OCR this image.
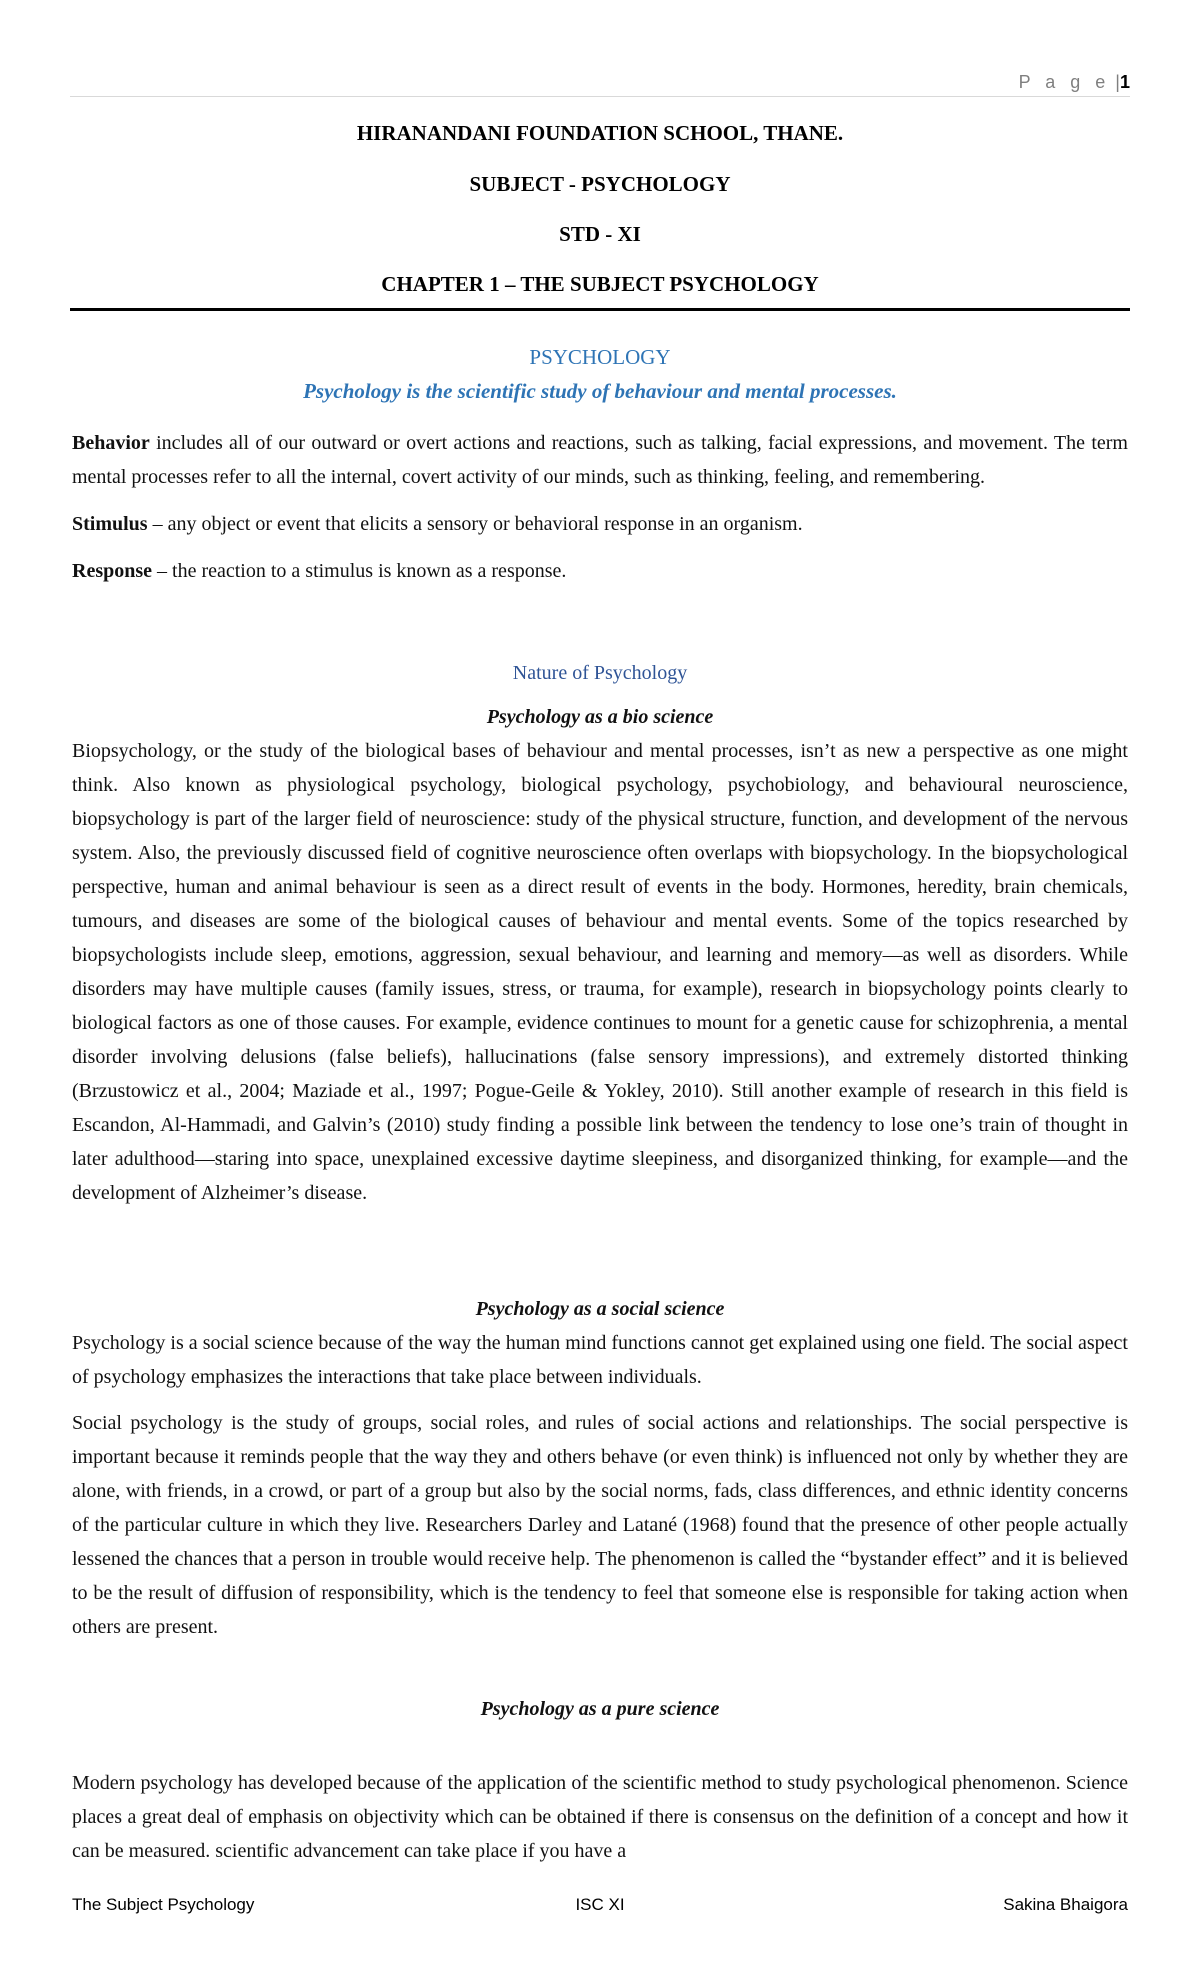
P a g e |1
HIRANANDANI FOUNDATION SCHOOL, THANE.
SUBJECT - PSYCHOLOGY
STD - XI
CHAPTER 1 – THE SUBJECT PSYCHOLOGY

PSYCHOLOGY

Psychology is the scientific study of behaviour and mental processes.

Behavior includes all of our outward or overt actions and reactions, such as talking, facial expressions, and movement. The term mental processes refer to all the internal, covert activity of our minds, such as thinking, feeling, and remembering.

Stimulus – any object or event that elicits a sensory or behavioral response in an organism.

Response – the reaction to a stimulus is known as a response.

Nature of Psychology

Psychology as a bio science

Biopsychology, or the study of the biological bases of behaviour and mental processes, isn’t as new a perspective as one might think. Also known as physiological psychology, biological psychology, psychobiology, and behavioural neuroscience, biopsychology is part of the larger field of neuroscience: study of the physical structure, function, and development of the nervous system. Also, the previously discussed field of cognitive neuroscience often overlaps with biopsychology. In the biopsychological perspective, human and animal behaviour is seen as a direct result of events in the body. Hormones, heredity, brain chemicals, tumours, and diseases are some of the biological causes of behaviour and mental events. Some of the topics researched by biopsychologists include sleep, emotions, aggression, sexual behaviour, and learning and memory—as well as disorders. While disorders may have multiple causes (family issues, stress, or trauma, for example), research in biopsychology points clearly to biological factors as one of those causes. For example, evidence continues to mount for a genetic cause for schizophrenia, a mental disorder involving delusions (false beliefs), hallucinations (false sensory impressions), and extremely distorted thinking (Brzustowicz et al., 2004; Maziade et al., 1997; Pogue-Geile & Yokley, 2010). Still another example of research in this field is Escandon, Al-Hammadi, and Galvin’s (2010) study finding a possible link between the tendency to lose one’s train of thought in later adulthood—staring into space, unexplained excessive daytime sleepiness, and disorganized thinking, for example—and the development of Alzheimer’s disease.

Psychology as a social science

Psychology is a social science because of the way the human mind functions cannot get explained using one field. The social aspect of psychology emphasizes the interactions that take place between individuals.

Social psychology is the study of groups, social roles, and rules of social actions and relationships. The social perspective is important because it reminds people that the way they and others behave (or even think) is influenced not only by whether they are alone, with friends, in a crowd, or part of a group but also by the social norms, fads, class differences, and ethnic identity concerns of the particular culture in which they live. Researchers Darley and Latané (1968) found that the presence of other people actually lessened the chances that a person in trouble would receive help. The phenomenon is called the “bystander effect” and it is believed to be the result of diffusion of responsibility, which is the tendency to feel that someone else is responsible for taking action when others are present.

Psychology as a pure science

Modern psychology has developed because of the application of the scientific method to study psychological phenomenon. Science places a great deal of emphasis on objectivity which can be obtained if there is consensus on the definition of a concept and how it can be measured. scientific advancement can take place if you have a

The Subject Psychology	ISC XI	Sakina Bhaigora
